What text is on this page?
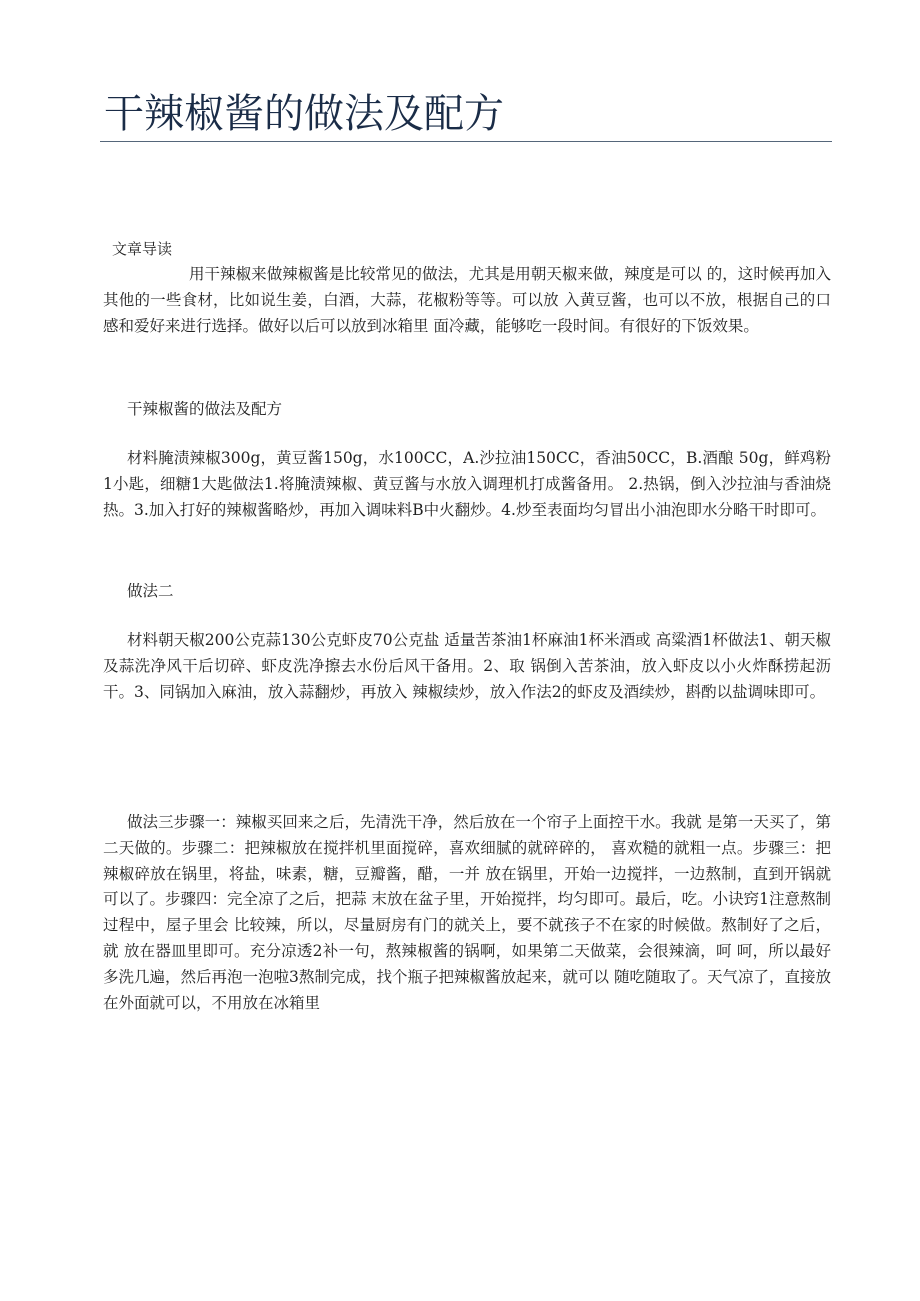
干辣椒酱的做法及配方
文章导读

用干辣椒来做辣椒酱是比较常见的做法，尤其是用朝天椒来做，辣度是可以 的，这时候再加入其他的一些食材，比如说生姜，白酒，大蒜，花椒粉等等。可以放 入黄豆酱，也可以不放，根据自己的口感和爱好来进行选择。做好以后可以放到冰箱里 面冷藏，能够吃一段时间。有很好的下饭效果。

干辣椒酱的做法及配方

材料腌渍辣椒300g，黄豆酱150g，水100CC，A.沙拉油150CC，香油50CC，B.酒酿 50g，鲜鸡粉1小匙，细糖1大匙做法1.将腌渍辣椒、黄豆酱与水放入调理机打成酱备用。 2.热锅，倒入沙拉油与香油烧热。3.加入打好的辣椒酱略炒，再加入调味料B中火翻炒。4.炒至表面均匀冒出小油泡即水分略干时即可。

做法二

材料朝天椒200公克蒜130公克虾皮70公克盐 适量苦茶油1杯麻油1杯米酒或 高粱酒1杯做法1、朝天椒及蒜洗净风干后切碎、虾皮洗净擦去水份后风干备用。2、取 锅倒入苦茶油，放入虾皮以小火炸酥捞起沥干。3、同锅加入麻油，放入蒜翻炒，再放入 辣椒续炒，放入作法2的虾皮及酒续炒，斟酌以盐调味即可。

做法三步骤一：辣椒买回来之后，先清洗干净，然后放在一个帘子上面控干水。我就 是第一天买了，第二天做的。步骤二：把辣椒放在搅拌机里面搅碎，喜欢细腻的就碎碎的， 喜欢糙的就粗一点。步骤三：把辣椒碎放在锅里，将盐，味素，糖，豆瓣酱，醋，一并 放在锅里，开始一边搅拌，一边熬制，直到开锅就可以了。步骤四：完全凉了之后，把蒜 末放在盆子里，开始搅拌，均匀即可。最后，吃。小诀窍1注意熬制过程中，屋子里会 比较辣，所以，尽量厨房有门的就关上，要不就孩子不在家的时候做。熬制好了之后，就 放在器皿里即可。充分凉透2补一句，熬辣椒酱的锅啊，如果第二天做菜，会很辣滴，呵 呵，所以最好多洗几遍，然后再泡一泡啦3熬制完成，找个瓶子把辣椒酱放起来，就可以 随吃随取了。天气凉了，直接放在外面就可以，不用放在冰箱里
